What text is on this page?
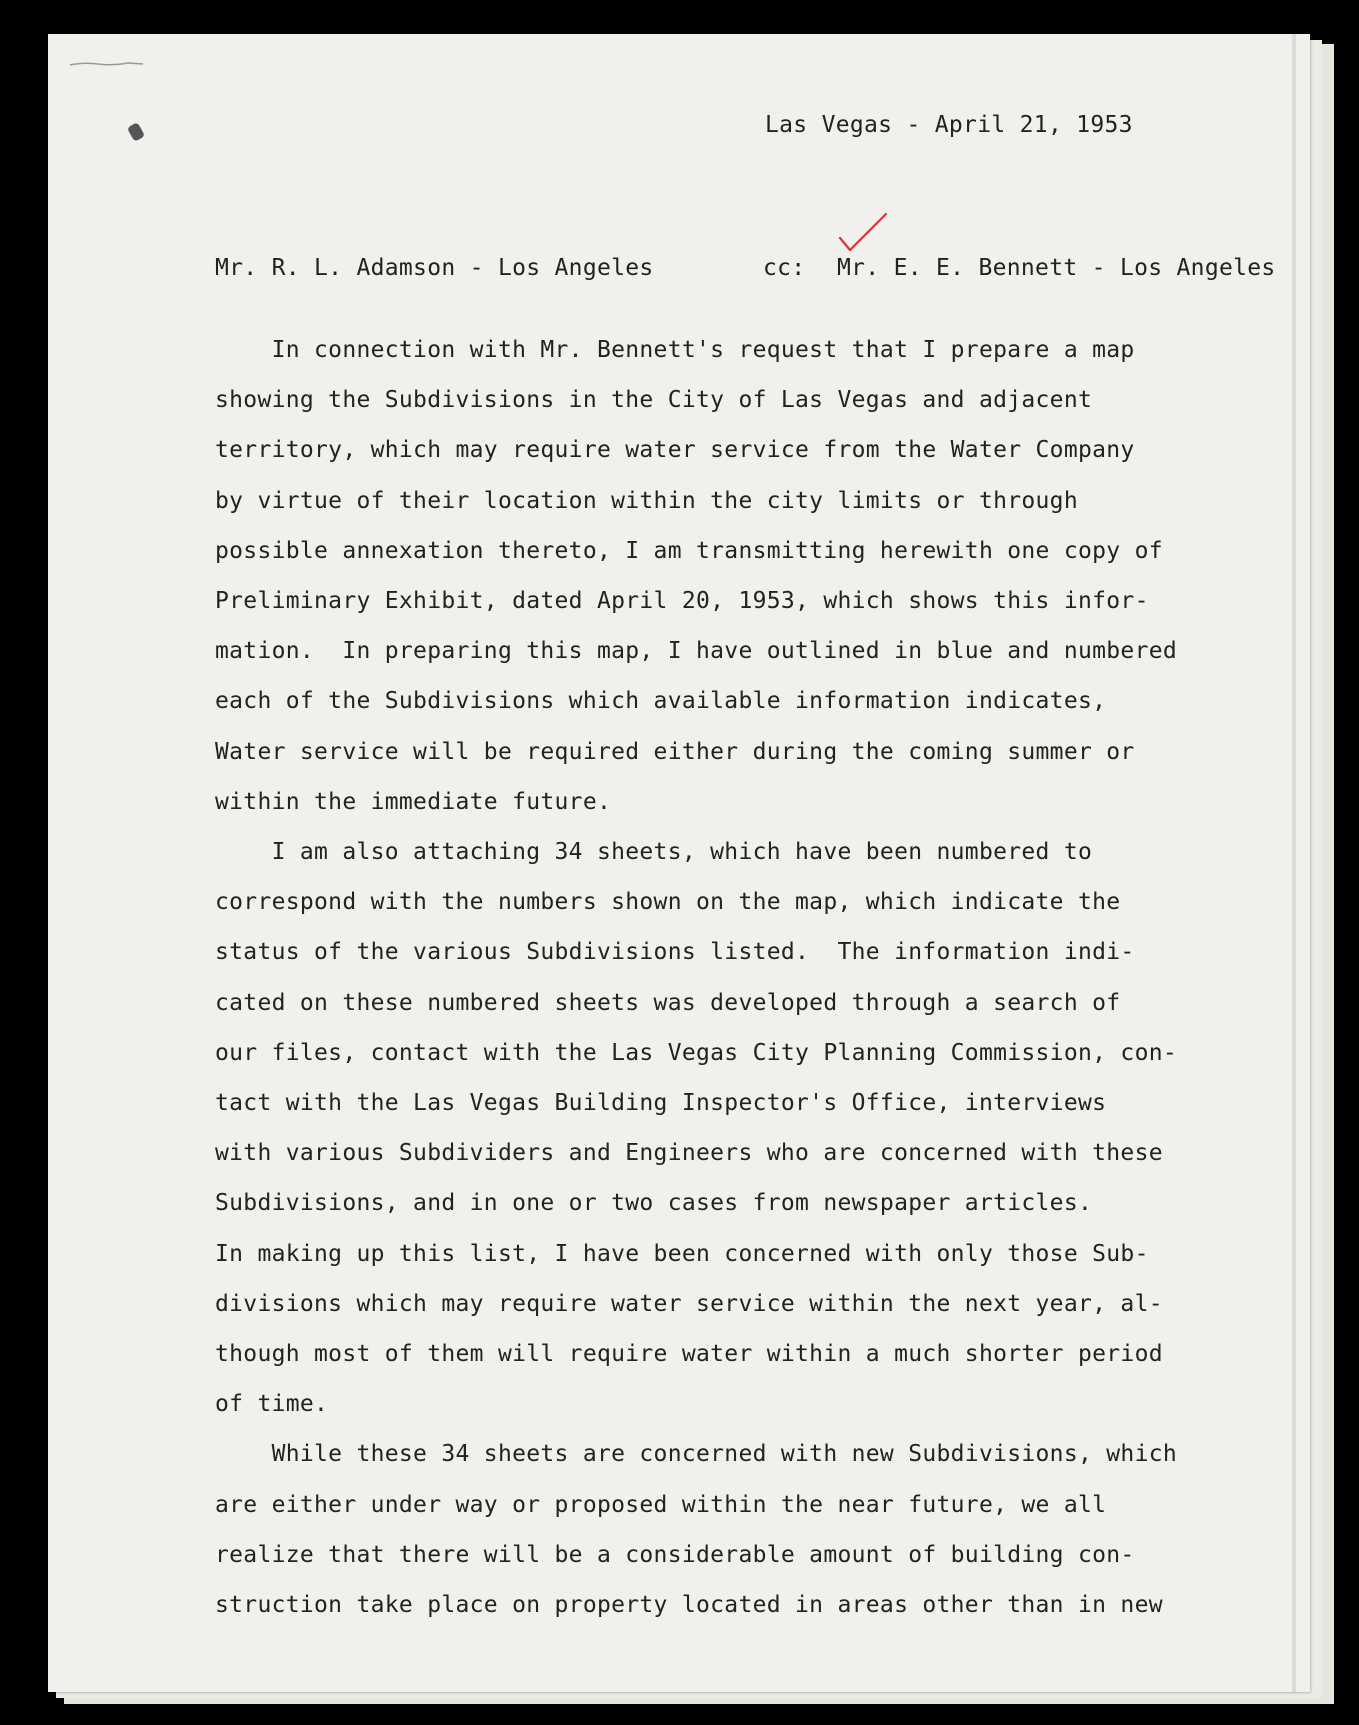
Las Vegas - April 21, 1953
Mr. R. L. Adamson - Los Angeles	cc: Mr. E. E. Bennett - Los Angeles
In connection with Mr. Bennett's request that I prepare a map
showing the Subdivisions in the City of Las Vegas and adjacent
territory, which may require water service from the Water Company
by virtue of their location within the city limits or through
possible annexation thereto, I am transmitting herewith one copy of
Preliminary Exhibit, dated April 20, 1953, which shows this infor-
mation.  In preparing this map, I have outlined in blue and numbered
each of the Subdivisions which available information indicates,
Water service will be required either during the coming summer or
within the immediate future.
I am also attaching 34 sheets, which have been numbered to
correspond with the numbers shown on the map, which indicate the
status of the various Subdivisions listed.  The information indi-
cated on these numbered sheets was developed through a search of
our files, contact with the Las Vegas City Planning Commission, con-
tact with the Las Vegas Building Inspector's Office, interviews
with various Subdividers and Engineers who are concerned with these
Subdivisions, and in one or two cases from newspaper articles.
In making up this list, I have been concerned with only those Sub-
divisions which may require water service within the next year, al-
though most of them will require water within a much shorter period
of time.
While these 34 sheets are concerned with new Subdivisions, which
are either under way or proposed within the near future, we all
realize that there will be a considerable amount of building con-
struction take place on property located in areas other than in new
